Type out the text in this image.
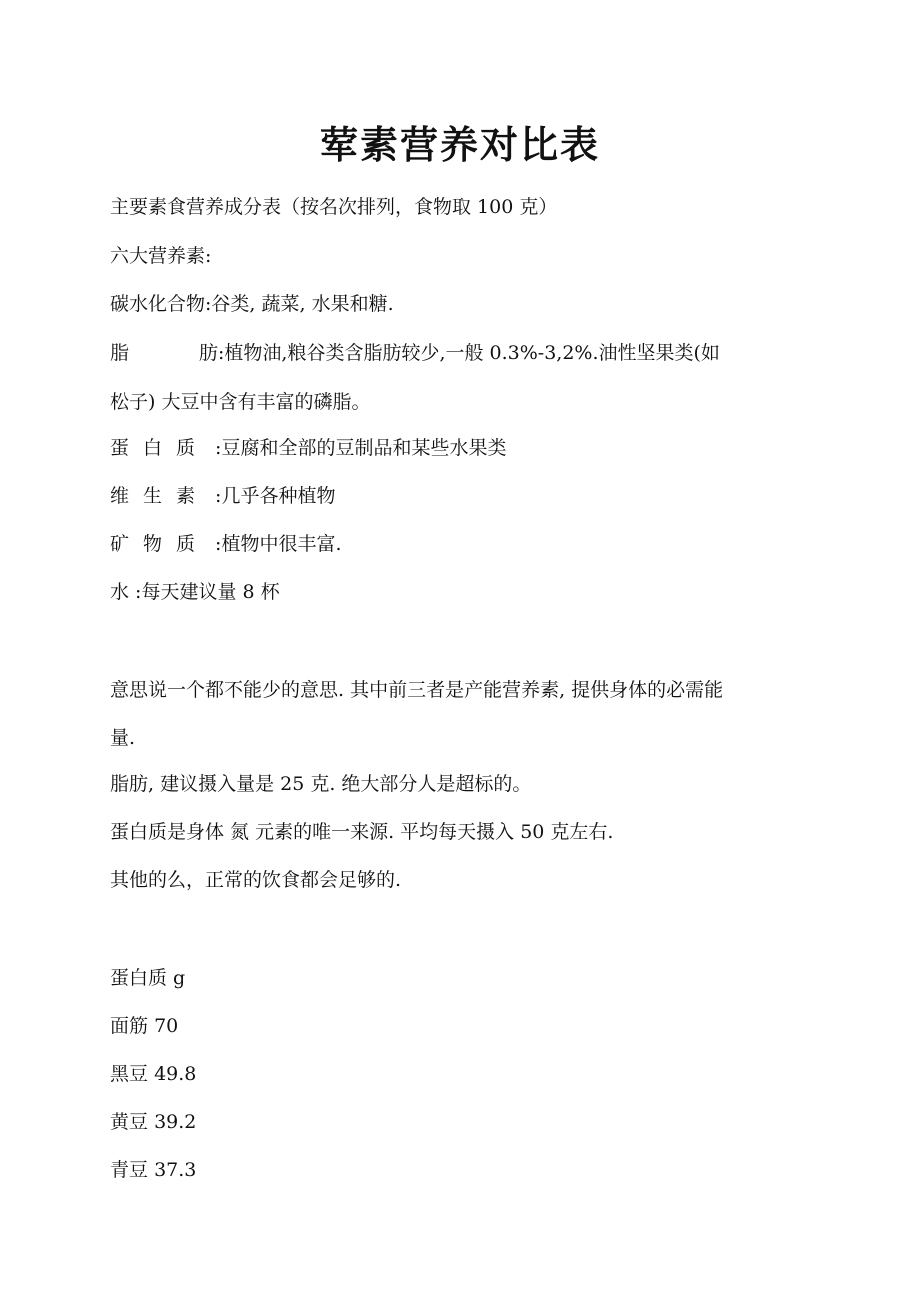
荤素营养对比表
主要素食营养成分表（按名次排列，食物取 100 克）
六大营养素:
碳水化合物:谷类, 蔬菜, 水果和糖.
脂	肪 :植物油,粮谷类含脂肪较少,一般 0.3%-3,2%.油性坚果类(如
松子) 大豆中含有丰富的磷脂。
蛋白质 :豆腐和全部的豆制品和某些水果类
维生素 :几乎各种植物
矿物质 :植物中很丰富.
水 :每天建议量 8 杯
意思说一个都不能少的意思. 其中前三者是产能营养素, 提供身体的必需能
量.
脂肪, 建议摄入量是 25 克. 绝大部分人是超标的。
蛋白质是身体 氮 元素的唯一来源. 平均每天摄入 50 克左右.
其他的么，正常的饮食都会足够的.
蛋白质 g
面筋 70
黑豆 49.8
黄豆 39.2
青豆 37.3
